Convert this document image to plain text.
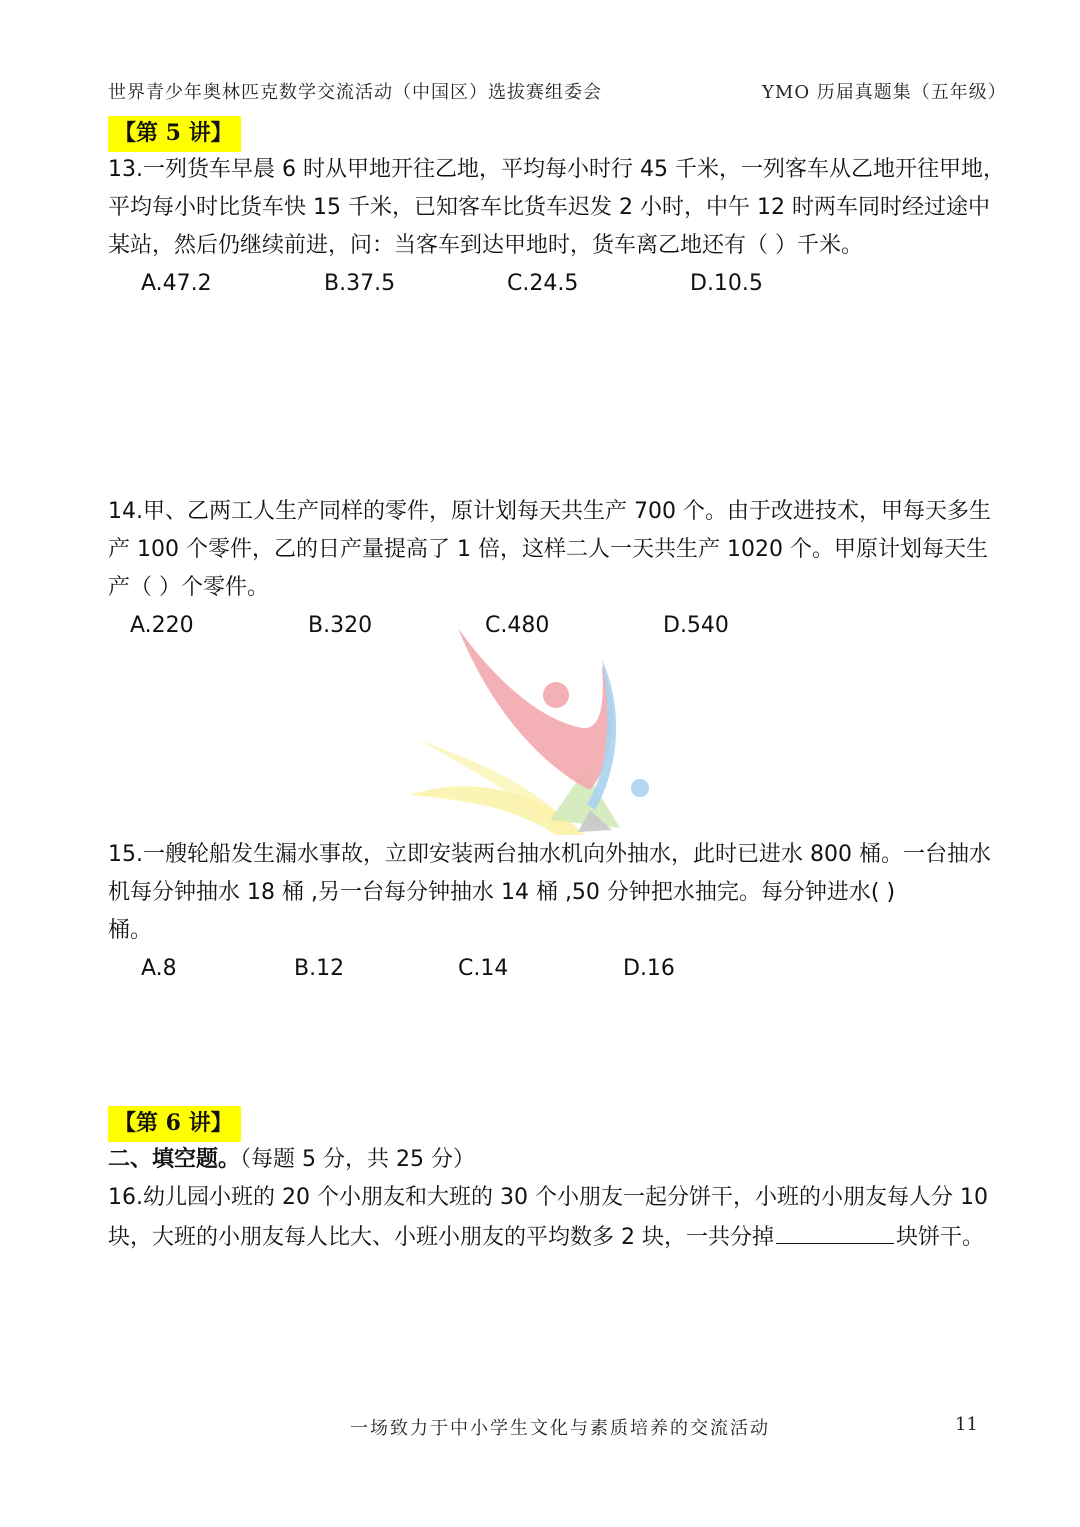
世界青少年奥林匹克数学交流活动（中国区）选拔赛组委会	YMO 历届真题集（五年级）
【第 5 讲】
13.一列货车早晨 6 时从甲地开往乙地，平均每小时行 45 千米，一列客车从乙地开往甲地，
平均每小时比货车快 15 千米，已知客车比货车迟发 2 小时，中午 12 时两车同时经过途中
某站，然后仍继续前进，问：当客车到达甲地时，货车离乙地还有（ ）千米。
A.47.2	B.37.5	C.24.5	D.10.5
14.甲、乙两工人生产同样的零件，原计划每天共生产 700 个。由于改进技术，甲每天多生
产 100 个零件，乙的日产量提高了 1 倍，这样二人一天共生产 1020 个。甲原计划每天生
产（ ）个零件。
A.220	B.320	C.480	D.540
15.一艘轮船发生漏水事故，立即安装两台抽水机向外抽水，此时已进水 800 桶。一台抽水
机每分钟抽水 18 桶 ,另一台每分钟抽水 14 桶 ,50 分钟把水抽完。每分钟进水( )
桶。
A.8	B.12	C.14	D.16
【第 6 讲】
二、填空题。（每题 5 分，共 25 分）
16.幼儿园小班的 20 个小朋友和大班的 30 个小朋友一起分饼干，小班的小朋友每人分 10
块，大班的小朋友每人比大、小班小朋友的平均数多 2 块，一共分掉	块饼干。
一场致力于中小学生文化与素质培养的交流活动	11
